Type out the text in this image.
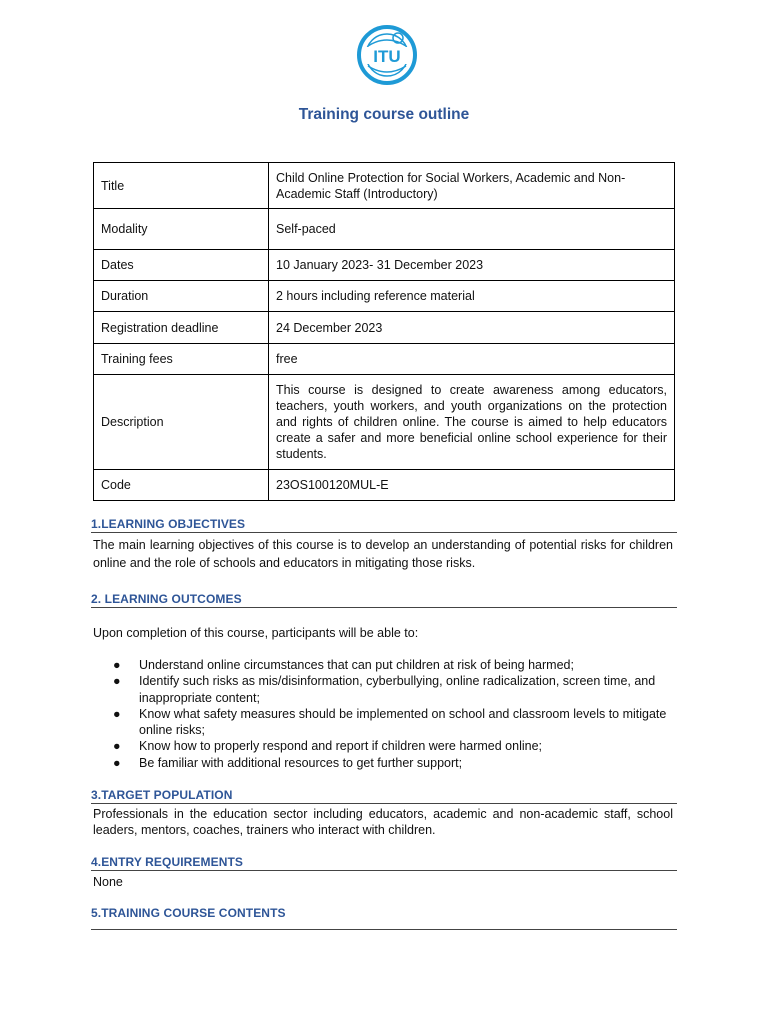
ITU
Training course outline
Title	Child Online Protection for Social Workers, Academic and Non-Academic Staff (Introductory)
Modality	Self-paced
Dates	10 January 2023- 31 December 2023
Duration	2 hours including reference material
Registration deadline	24 December 2023
Training fees	free
Description	This course is designed to create awareness among educators, teachers, youth workers, and youth organizations on the protection and rights of children online. The course is aimed to help educators create a safer and more beneficial online school experience for their students.
Code	23OS100120MUL-E
1.LEARNING OBJECTIVES
The main learning objectives of this course is to develop an understanding of potential risks for children online and the role of schools and educators in mitigating those risks.
2. LEARNING OUTCOMES
Upon completion of this course, participants will be able to:
● Understand online circumstances that can put children at risk of being harmed;
● Identify such risks as mis/disinformation, cyberbullying, online radicalization, screen time, and inappropriate content;
● Know what safety measures should be implemented on school and classroom levels to mitigate online risks;
● Know how to properly respond and report if children were harmed online;
● Be familiar with additional resources to get further support;
3.TARGET POPULATION
Professionals in the education sector including educators, academic and non-academic staff, school leaders, mentors, coaches, trainers who interact with children.
4.ENTRY REQUIREMENTS
None
5.TRAINING COURSE CONTENTS
